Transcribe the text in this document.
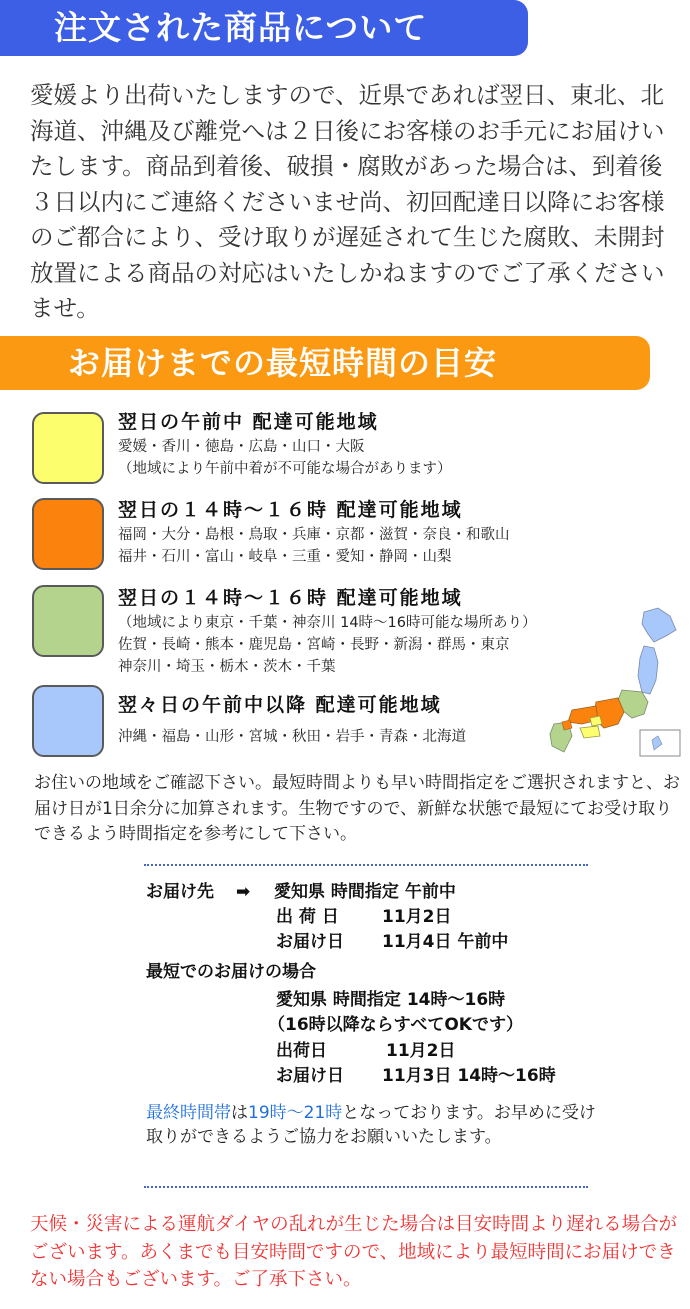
注文された商品について
愛媛より出荷いたしますので、近県であれば翌日、東北、北海道、沖縄及び離党へは２日後にお客様のお手元にお届けいたします。商品到着後、破損・腐敗があった場合は、到着後３日以内にご連絡くださいませ尚、初回配達日以降にお客様のご都合により、受け取りが遅延されて生じた腐敗、未開封放置による商品の対応はいたしかねますのでご了承くださいませ。
お届けまでの最短時間の目安
翌日の午前中 配達可能地域
愛媛・香川・徳島・広島・山口・大阪
（地域により午前中着が不可能な場合があります）
翌日の１４時～１６時 配達可能地域
福岡・大分・島根・鳥取・兵庫・京都・滋賀・奈良・和歌山
福井・石川・富山・岐阜・三重・愛知・静岡・山梨
翌日の１４時～１６時 配達可能地域
（地域により東京・千葉・神奈川 14時～16時可能な場所あり）
佐賀・長崎・熊本・鹿児島・宮崎・長野・新潟・群馬・東京
神奈川・埼玉・栃木・茨木・千葉
翌々日の午前中以降 配達可能地域
沖縄・福島・山形・宮城・秋田・岩手・青森・北海道
お住いの地域をご確認下さい。最短時間よりも早い時間指定をご選択されますと、お届け日が1日余分に加算されます。生物ですので、新鮮な状態で最短にてお受け取りできるよう時間指定を参考にして下さい。
お届け先 ➡ 愛知県 時間指定 午前中
出 荷 日	11月2日
お届け日 11月4日 午前中
最短でのお届けの場合
愛知県 時間指定 14時～16時
（16時以降ならすべてOKです）
出荷日	11月2日
お届け日 11月3日 14時～16時
最終時間帯は19時～21時となっております。お早めに受け取りができるようご協力をお願いいたします。
天候・災害による運航ダイヤの乱れが生じた場合は目安時間より遅れる場合がございます。あくまでも目安時間ですので、地域により最短時間にお届けできない場合もございます。ご了承下さい。
